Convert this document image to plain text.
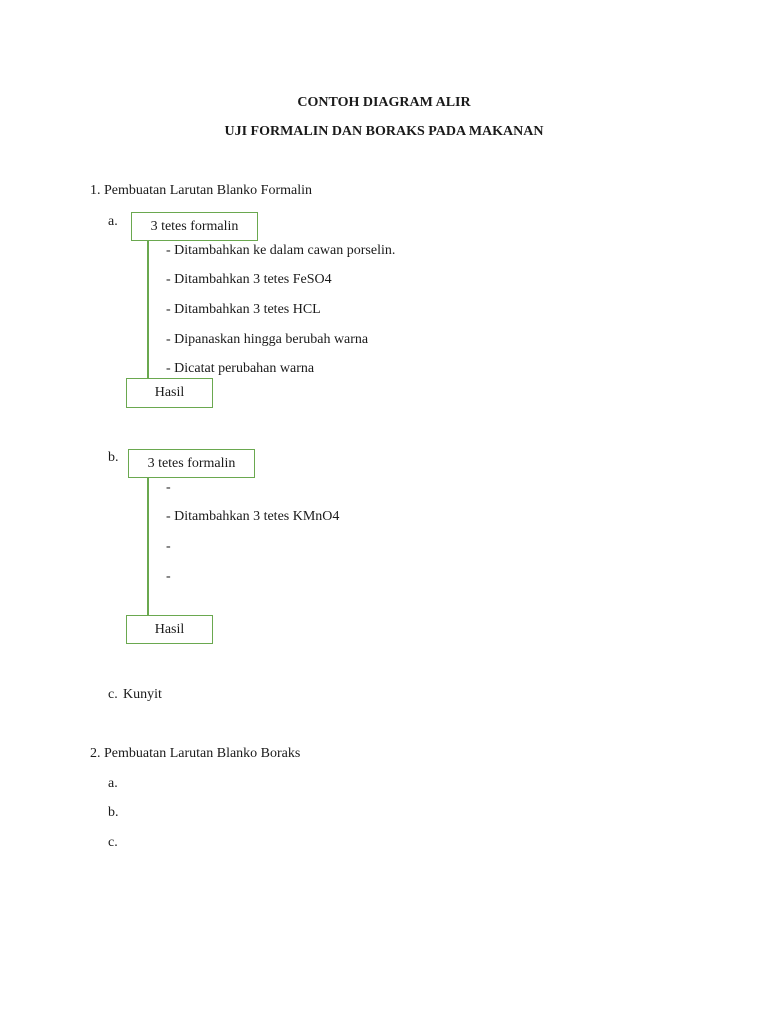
CONTOH DIAGRAM ALIR
UJI FORMALIN DAN BORAKS PADA MAKANAN
1. Pembuatan Larutan Blanko Formalin
a. 3 tetes formalin
- Ditambahkan ke dalam cawan porselin.
- Ditambahkan 3 tetes FeSO4
- Ditambahkan 3 tetes HCL
- Dipanaskan hingga berubah warna
- Dicatat perubahan warna
Hasil
b. 3 tetes formalin
-
- Ditambahkan 3 tetes KMnO4
-
-
Hasil
c. Kunyit
2. Pembuatan Larutan Blanko Boraks
a.
b.
c.
